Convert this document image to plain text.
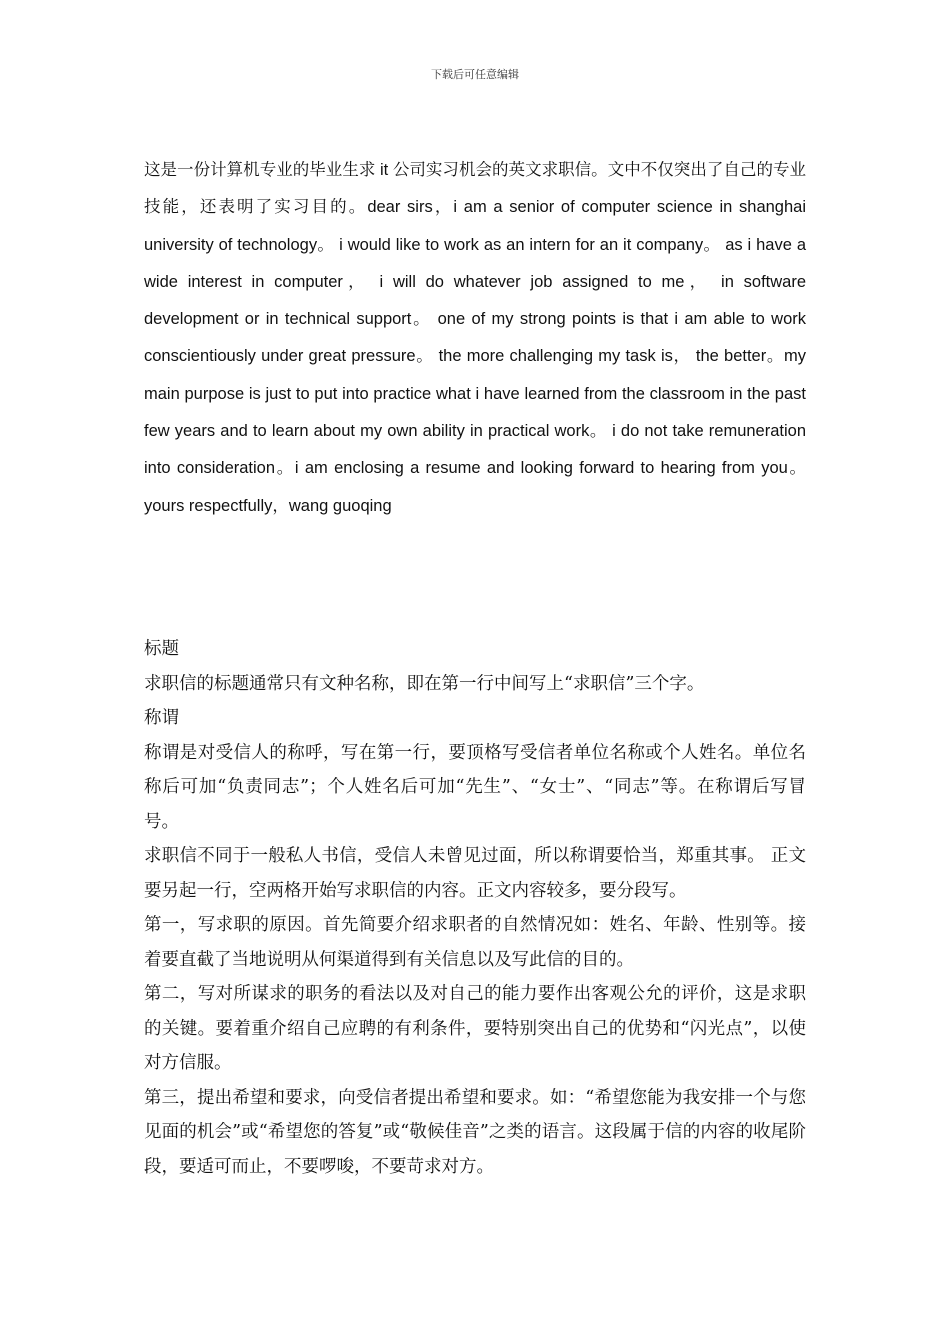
下载后可任意编辑

这是一份计算机专业的毕业生求 it 公司实习机会的英文求职信。文中不仅突出了自己的专业技能，还表明了实习目的。dear sirs，i am a senior of computer science in shanghai university of technology。 i would like to work as an intern for an it company。 as i have a wide interest in computer， i will do whatever job assigned to me， in software development or in technical support。 one of my strong points is that i am able to work conscientiously under great pressure。 the more challenging my task is， the better。my main purpose is just to put into practice what i have learned from the classroom in the past few years and to learn about my own ability in practical work。 i do not take remuneration into consideration。i am enclosing a resume and looking forward to hearing from you。 yours respectfully，wang guoqing

标题

求职信的标题通常只有文种名称，即在第一行中间写上“求职信”三个字。

称谓

称谓是对受信人的称呼，写在第一行，要顶格写受信者单位名称或个人姓名。单位名称后可加“负责同志”；个人姓名后可加“先生”、“女士”、“同志”等。在称谓后写冒号。

求职信不同于一般私人书信，受信人未曾见过面，所以称谓要恰当，郑重其事。 正文要另起一行，空两格开始写求职信的内容。正文内容较多，要分段写。

第一，写求职的原因。首先简要介绍求职者的自然情况如：姓名、年龄、性别等。接着要直截了当地说明从何渠道得到有关信息以及写此信的目的。

第二，写对所谋求的职务的看法以及对自己的能力要作出客观公允的评价，这是求职的关键。要着重介绍自己应聘的有利条件，要特别突出自己的优势和“闪光点”，以使对方信服。

第三，提出希望和要求，向受信者提出希望和要求。如：“希望您能为我安排一个与您见面的机会”或“希望您的答复”或“敬候佳音”之类的语言。这段属于信的内容的收尾阶段，要适可而止，不要啰唆，不要苛求对方。
